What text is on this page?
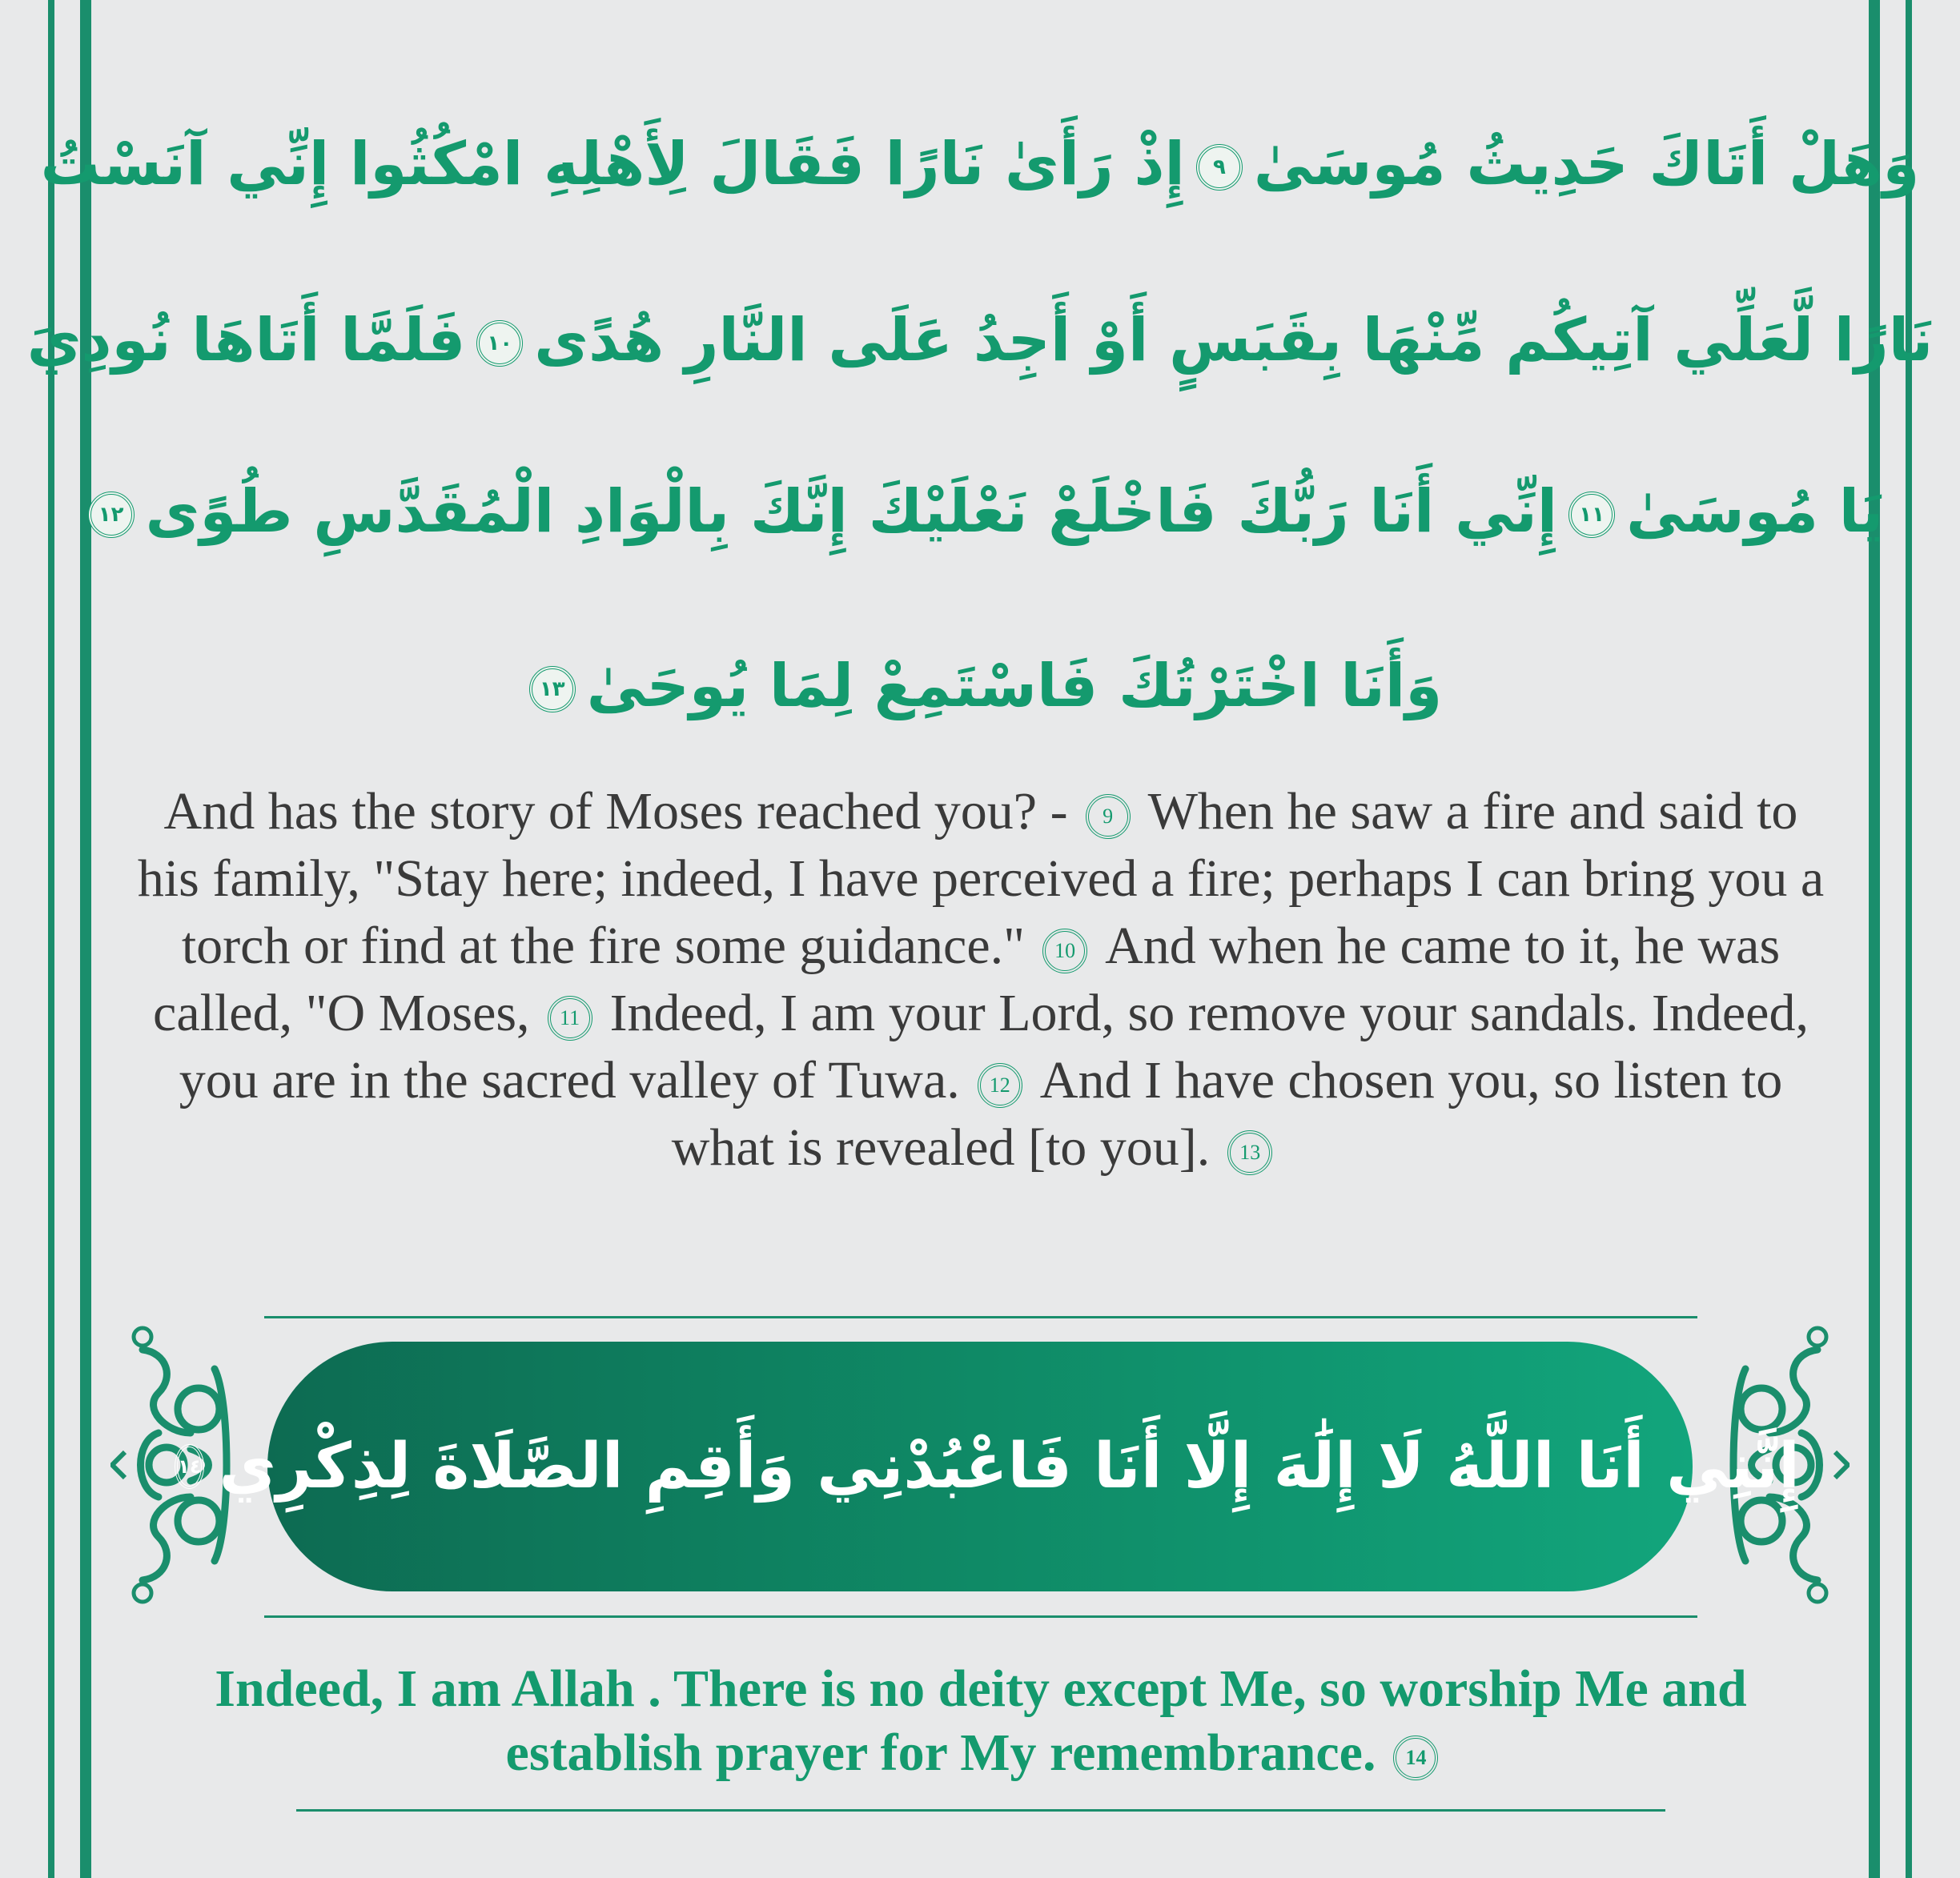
وَهَلْ أَتَاكَ حَدِيثُ مُوسَىٰ٩إِذْ رَأَىٰ نَارًا فَقَالَ لِأَهْلِهِ امْكُثُوا إِنِّي آنَسْتُ
نَارًا لَّعَلِّي آتِيكُم مِّنْهَا بِقَبَسٍ أَوْ أَجِدُ عَلَى النَّارِ هُدًى١٠فَلَمَّا أَتَاهَا نُودِيَ
يَا مُوسَىٰ١١إِنِّي أَنَا رَبُّكَ فَاخْلَعْ نَعْلَيْكَ إِنَّكَ بِالْوَادِ الْمُقَدَّسِ طُوًى١٢
وَأَنَا اخْتَرْتُكَ فَاسْتَمِعْ لِمَا يُوحَىٰ١٣
And has the story of Moses reached you? - 9 When he saw a fire and said to his family, "Stay here; indeed, I have perceived a fire; perhaps I can bring you a torch or find at the fire some guidance." 10 And when he came to it, he was called, "O Moses, 11 Indeed, I am your Lord, so remove your sandals. Indeed, you are in the sacred valley of Tuwa. 12 And I have chosen you, so listen to what is revealed [to you]. 13
إِنَّنِي أَنَا اللَّهُ لَا إِلَٰهَ إِلَّا أَنَا فَاعْبُدْنِي وَأَقِمِ الصَّلَاةَ لِذِكْرِي
١٤
Indeed, I am Allah . There is no deity except Me, so worship Me and establish prayer for My remembrance. 14
